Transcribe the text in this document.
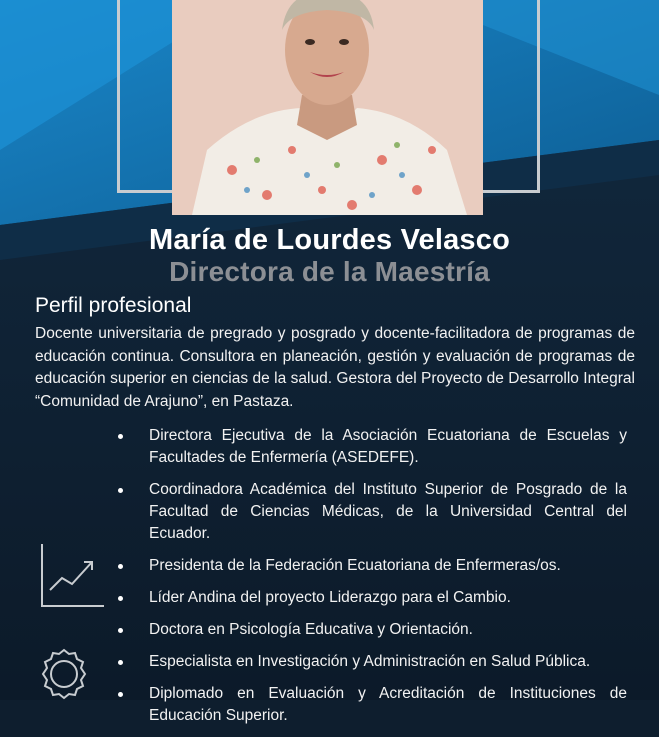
María de Lourdes Velasco
Directora de la Maestría
Perfil profesional
Docente universitaria de pregrado y posgrado y docente-facilitadora de programas de educación continua. Consultora en planeación, gestión y evaluación de programas de educación superior en ciencias de la salud. Gestora del Proyecto de Desarrollo Integral “Comunidad de Arajuno”, en Pastaza.
Directora Ejecutiva de la Asociación Ecuatoriana de Escuelas y Facultades de Enfermería (ASEDEFE).
Coordinadora Académica del Instituto Superior de Posgrado de la Facultad de Ciencias Médicas, de la Universidad Central del Ecuador.
Presidenta de la Federación Ecuatoriana de Enfermeras/os.
Líder Andina del proyecto Liderazgo para el Cambio.
Doctora en Psicología Educativa y Orientación.
Especialista en Investigación y Administración en Salud Pública.
Diplomado en Evaluación y Acreditación de Instituciones de Educación Superior.
